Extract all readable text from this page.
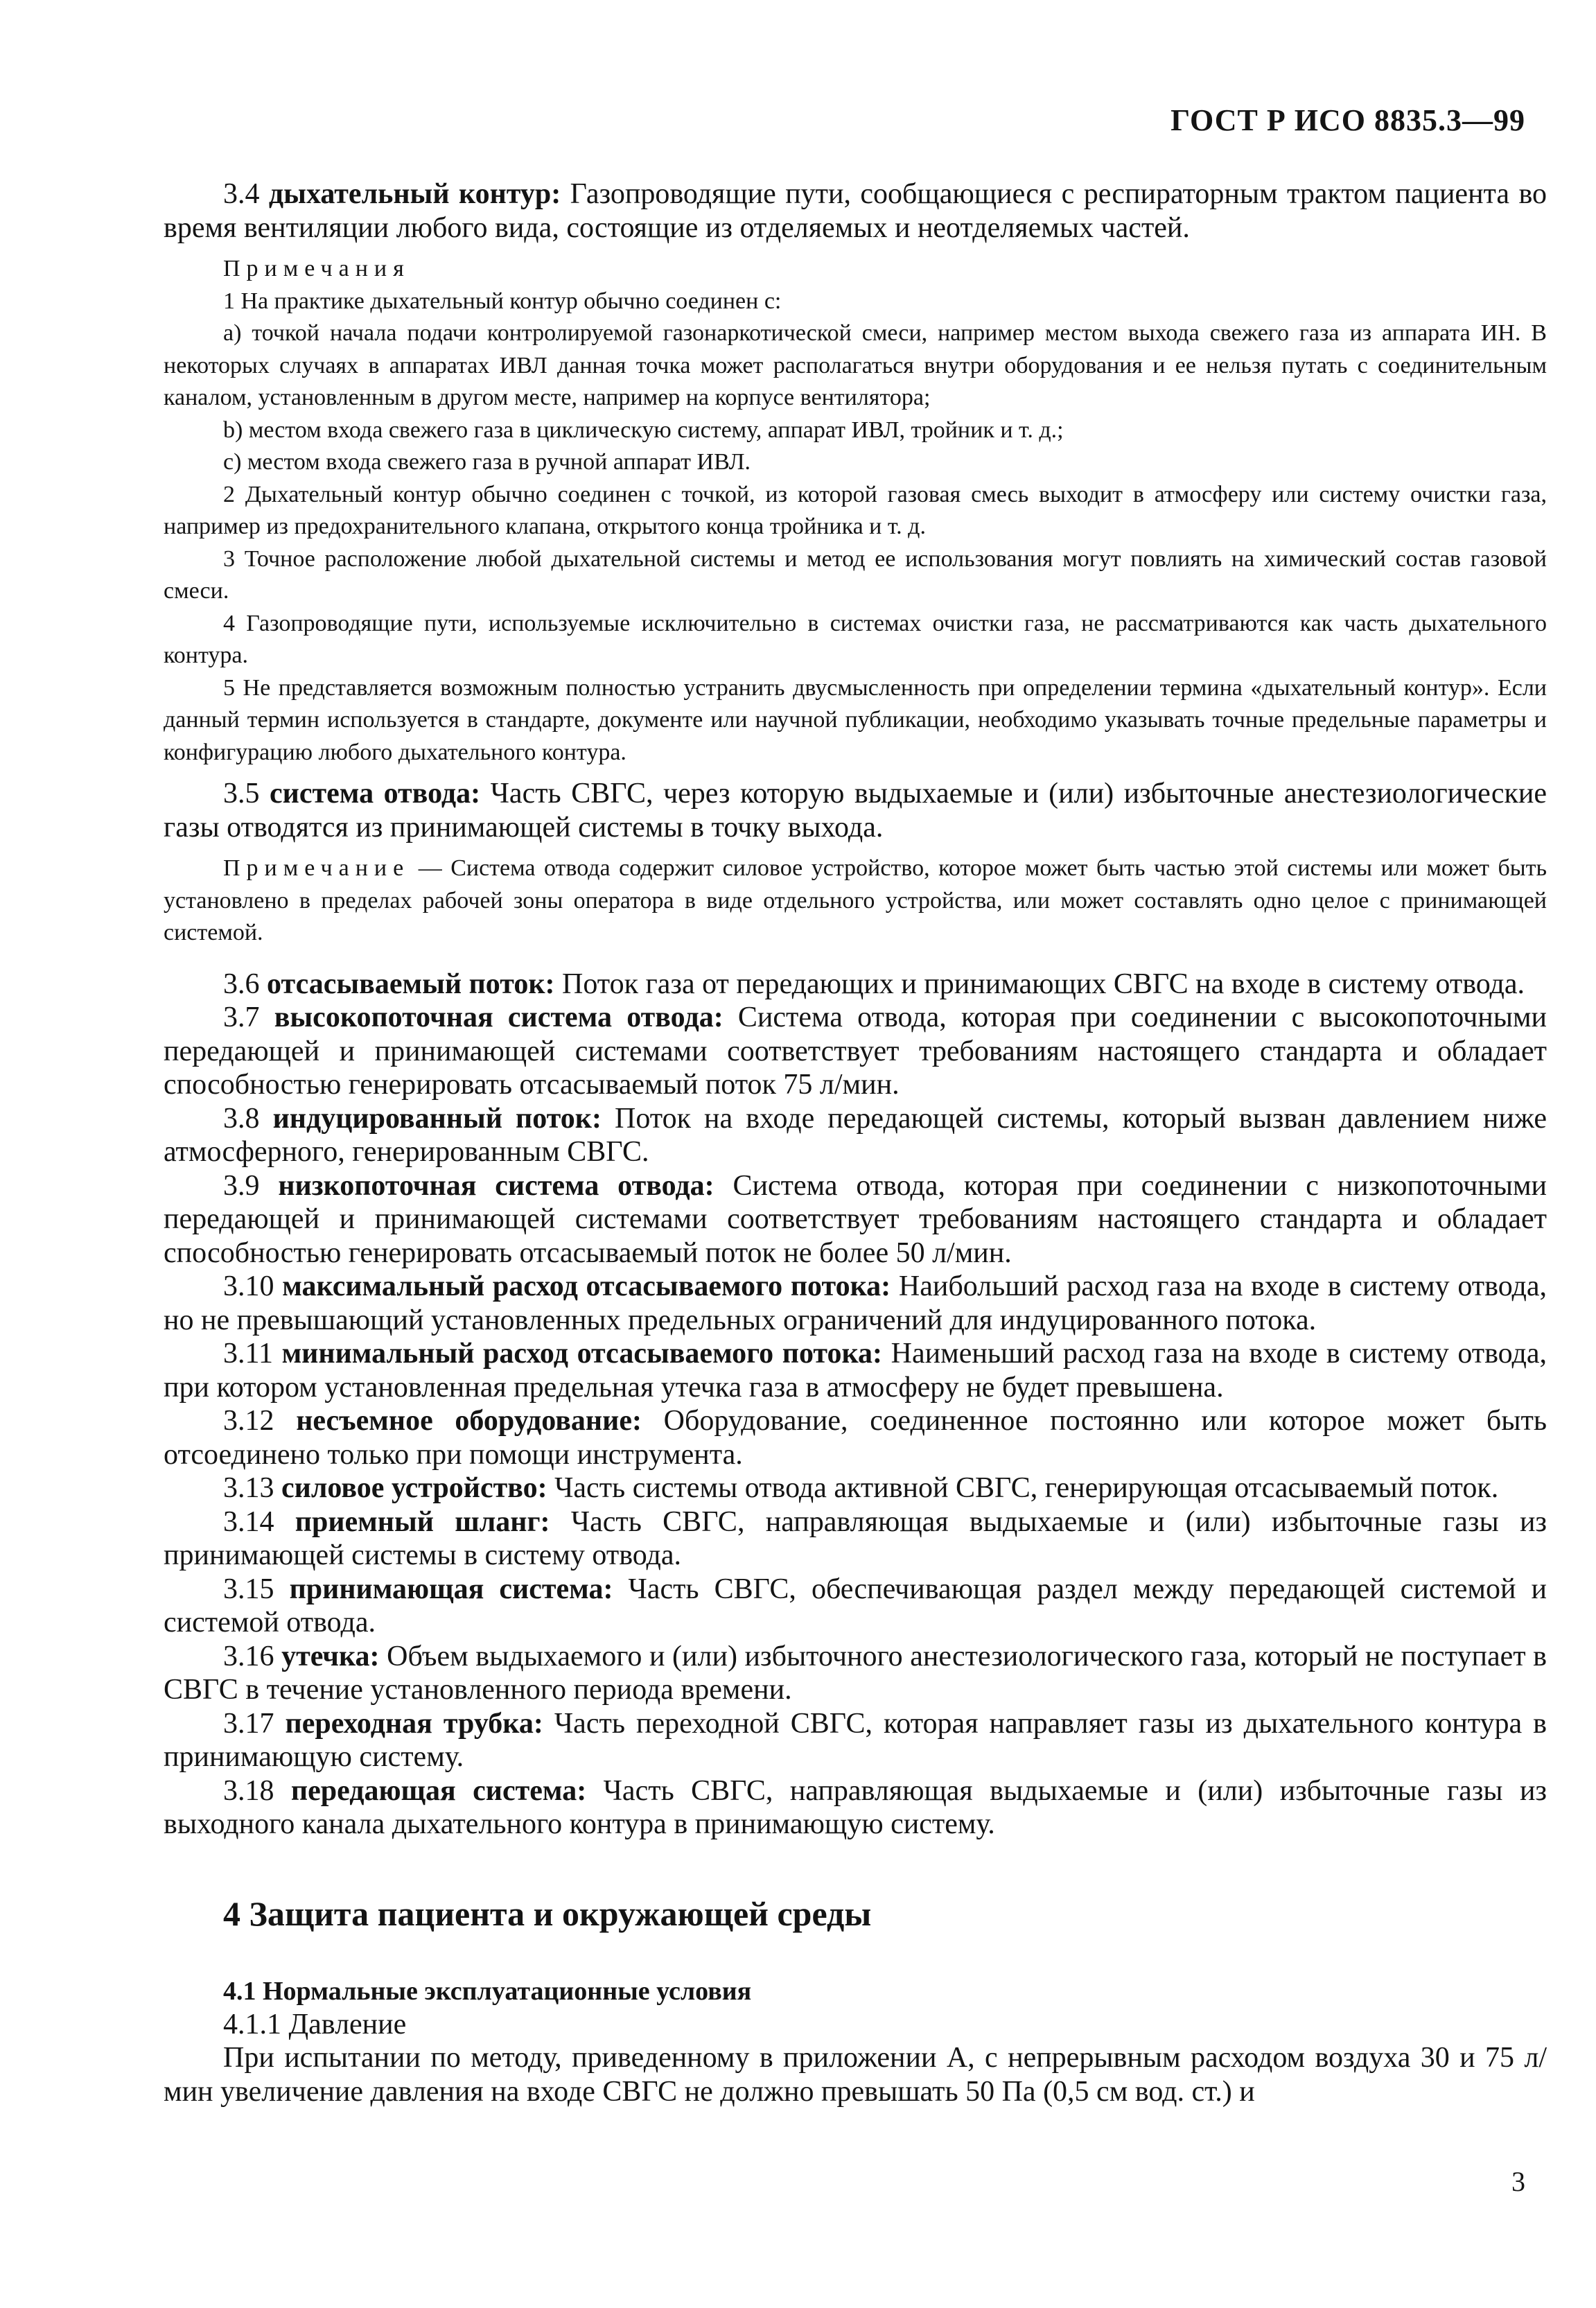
ГОСТ Р ИСО 8835.3—99

3.4 дыхательный контур: Газопроводящие пути, сообщающиеся с респираторным трактом пациента во время вентиляции любого вида, состоящие из отделяемых и неотделяемых частей.

Примечания

1 На практике дыхательный контур обычно соединен с:

a) точкой начала подачи контролируемой газонаркотической смеси, например местом выхода свежего газа из аппарата ИН. В некоторых случаях в аппаратах ИВЛ данная точка может располагаться внутри оборудования и ее нельзя путать с соединительным каналом, установленным в другом месте, например на корпусе вентилятора;

b) местом входа свежего газа в циклическую систему, аппарат ИВЛ, тройник и т. д.;

c) местом входа свежего газа в ручной аппарат ИВЛ.

2 Дыхательный контур обычно соединен с точкой, из которой газовая смесь выходит в атмосферу или систему очистки газа, например из предохранительного клапана, открытого конца тройника и т. д.

3 Точное расположение любой дыхательной системы и метод ее использования могут повлиять на химический состав газовой смеси.

4 Газопроводящие пути, используемые исключительно в системах очистки газа, не рассматриваются как часть дыхательного контура.

5 Не представляется возможным полностью устранить двусмысленность при определении термина «дыхательный контур». Если данный термин используется в стандарте, документе или научной публикации, необходимо указывать точные предельные параметры и конфигурацию любого дыхательного контура.

3.5 система отвода: Часть СВГС, через которую выдыхаемые и (или) избыточные анестезиологические газы отводятся из принимающей системы в точку выхода.

Примечание — Система отвода содержит силовое устройство, которое может быть частью этой системы или может быть установлено в пределах рабочей зоны оператора в виде отдельного устройства, или может составлять одно целое с принимающей системой.

3.6 отсасываемый поток: Поток газа от передающих и принимающих СВГС на входе в систему отвода.

3.7 высокопоточная система отвода: Система отвода, которая при соединении с высокопоточными передающей и принимающей системами соответствует требованиям настоящего стандарта и обладает способностью генерировать отсасываемый поток 75 л/мин.

3.8 индуцированный поток: Поток на входе передающей системы, который вызван давлением ниже атмосферного, генерированным СВГС.

3.9 низкопоточная система отвода: Система отвода, которая при соединении с низкопоточными передающей и принимающей системами соответствует требованиям настоящего стандарта и обладает способностью генерировать отсасываемый поток не более 50 л/мин.

3.10 максимальный расход отсасываемого потока: Наибольший расход газа на входе в систему отвода, но не превышающий установленных предельных ограничений для индуцированного потока.

3.11 минимальный расход отсасываемого потока: Наименьший расход газа на входе в систему отвода, при котором установленная предельная утечка газа в атмосферу не будет превышена.

3.12 несъемное оборудование: Оборудование, соединенное постоянно или которое может быть отсоединено только при помощи инструмента.

3.13 силовое устройство: Часть системы отвода активной СВГС, генерирующая отсасываемый поток.

3.14 приемный шланг: Часть СВГС, направляющая выдыхаемые и (или) избыточные газы из принимающей системы в систему отвода.

3.15 принимающая система: Часть СВГС, обеспечивающая раздел между передающей системой и системой отвода.

3.16 утечка: Объем выдыхаемого и (или) избыточного анестезиологического газа, который не поступает в СВГС в течение установленного периода времени.

3.17 переходная трубка: Часть переходной СВГС, которая направляет газы из дыхательного контура в принимающую систему.

3.18 передающая система: Часть СВГС, направляющая выдыхаемые и (или) избыточные газы из выходного канала дыхательного контура в принимающую систему.

4 Защита пациента и окружающей среды
4.1 Нормальные эксплуатационные условия

4.1.1 Давление

При испытании по методу, приведенному в приложении А, с непрерывным расходом воздуха 30 и 75 л/мин увеличение давления на входе СВГС не должно превышать 50 Па (0,5 см вод. ст.) и

3
